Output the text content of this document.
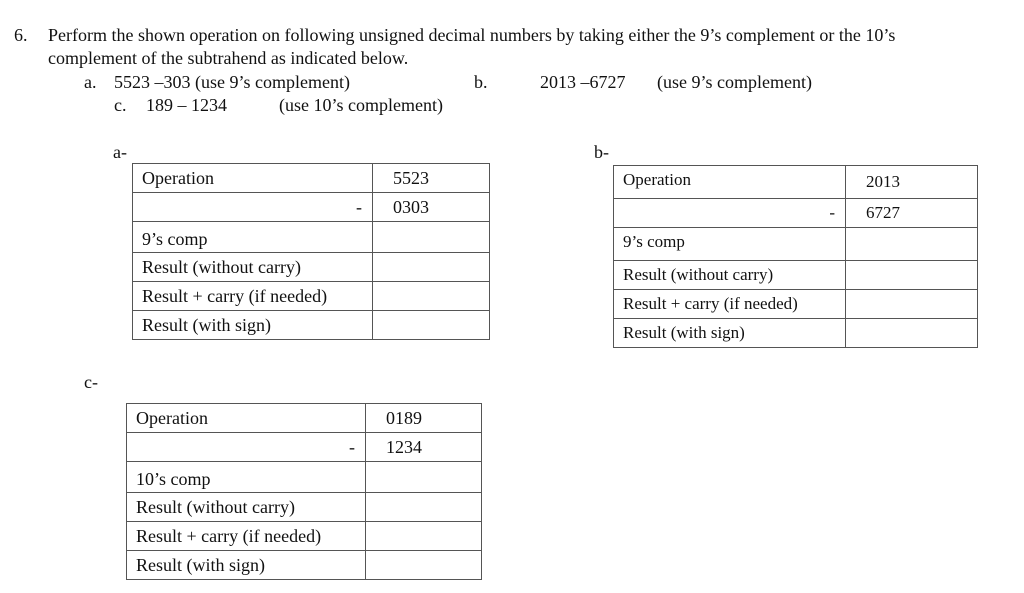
6. Perform the shown operation on following unsigned decimal numbers by taking either the 9’s complement or the 10’s
complement of the subtrahend as indicated below.
a. 5523 –303 (use 9’s complement)	b.	2013 –6727 (use 9’s complement)
c. 189 – 1234	(use 10’s complement)
a-
Operation	5523
-	0303
9’s comp	
Result (without carry)	
Result + carry (if needed)	
Result (with sign)	
b-
Operation	2013
-	6727
9’s comp	
Result (without carry)	
Result + carry (if needed)	
Result (with sign)	
c-
Operation	0189
-	1234
10’s comp	
Result (without carry)	
Result + carry (if needed)	
Result (with sign)	
